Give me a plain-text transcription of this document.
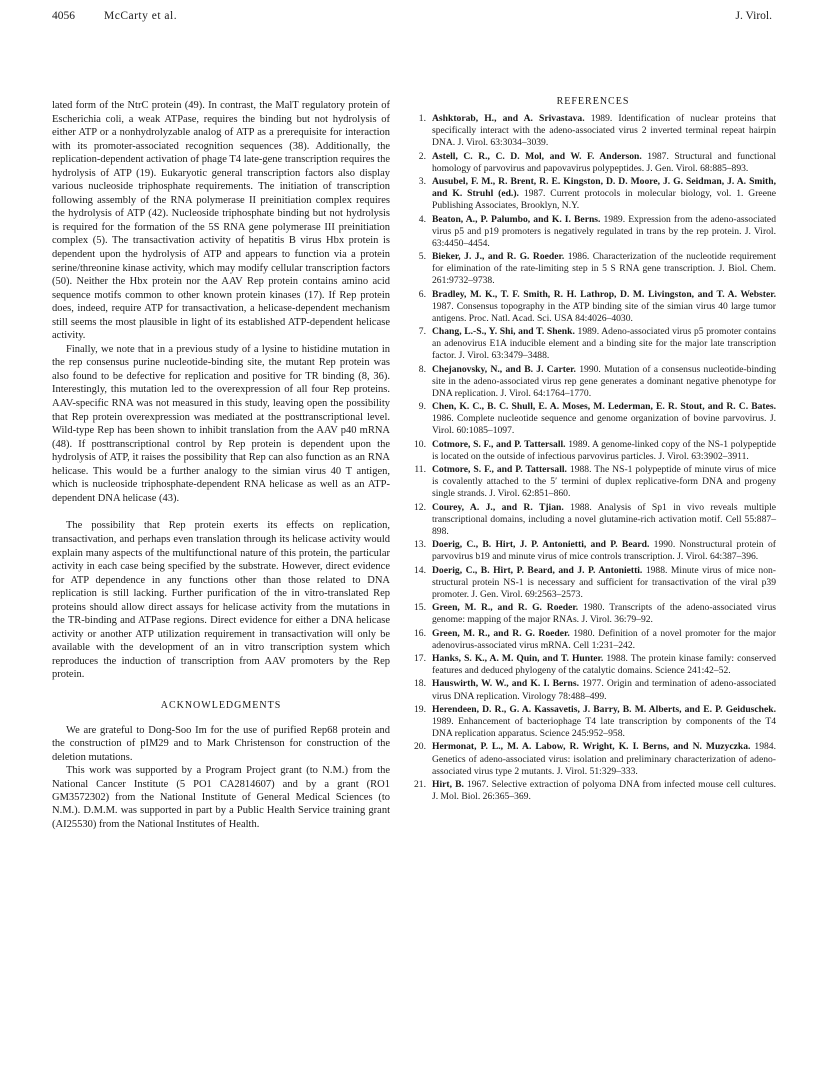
4056	McCarty et al.	J. Virol.

lated form of the NtrC protein (49). In contrast, the MalT regulatory protein of Escherichia coli, a weak ATPase, requires the binding but not hydrolysis of either ATP or a nonhydrolyzable analog of ATP as a prerequisite for interaction with its promoter-associated recognition sequences (38). Additionally, the replication-dependent activation of phage T4 late-gene transcription requires the hydrolysis of ATP (19). Eukaryotic general transcription factors also display various nucleoside triphosphate requirements. The initiation of transcription following assembly of the RNA polymerase II preinitiation complex requires the hydrolysis of ATP (42). Nucleoside triphosphate binding but not hydrolysis is required for the formation of the 5S RNA gene polymerase III preinitiation complex (5). The transactivation activity of hepatitis B virus Hbx protein is dependent upon the hydrolysis of ATP and appears to function via a protein serine/threonine kinase activity, which may modify cellular transcription factors (50). Neither the Hbx protein nor the AAV Rep protein contains amino acid sequence motifs common to other known protein kinases (17). If Rep protein does, indeed, require ATP for transactivation, a helicase-dependent mechanism still seems the most plausible in light of its established ATP-dependent helicase activity.

Finally, we note that in a previous study of a lysine to histidine mutation in the rep consensus purine nucleotide-binding site, the mutant Rep protein was also found to be defective for replication and positive for TR binding (8, 36). Interestingly, this mutation led to the overexpression of all four Rep proteins. AAV-specific RNA was not measured in this study, leaving open the possibility that Rep protein overexpression was mediated at the posttranscriptional level. Wild-type Rep has been shown to inhibit translation from the AAV p40 mRNA (48). If posttranscriptional control by Rep protein is dependent upon the hydrolysis of ATP, it raises the possibility that Rep can also function as an RNA helicase. This would be a further analogy to the simian virus 40 T antigen, which is nucleoside triphosphate-dependent RNA helicase as well as an ATP-dependent DNA helicase (43).

The possibility that Rep protein exerts its effects on replication, transactivation, and perhaps even translation through its helicase activity would explain many aspects of the multifunctional nature of this protein, the particular activity in each case being specified by the substrate. However, direct evidence for ATP dependence in any functions other than those related to DNA replication is still lacking. Further purification of the in vitro-translated Rep proteins should allow direct assays for helicase activity from the mutations in the TR-binding and ATPase regions. Direct evidence for either a DNA helicase activity or another ATP utilization requirement in transactivation will only be available with the development of an in vitro transcription system which reproduces the induction of transcription from AAV promoters by the Rep protein.

ACKNOWLEDGMENTS

We are grateful to Dong-Soo Im for the use of purified Rep68 protein and the construction of pIM29 and to Mark Christenson for construction of the deletion mutations.

This work was supported by a Program Project grant (to N.M.) from the National Cancer Institute (5 PO1 CA2814607) and by a grant (RO1 GM3572302) from the National Institute of General Medical Sciences (to N.M.). D.M.M. was supported in part by a Public Health Service training grant (AI25530) from the National Institutes of Health.

REFERENCES
1. Ashktorab, H., and A. Srivastava. 1989. Identification of nuclear proteins that specifically interact with the adeno-associated virus 2 inverted terminal repeat hairpin DNA. J. Virol. 63:3034–3039.
2. Astell, C. R., C. D. Mol, and W. F. Anderson. 1987. Structural and functional homology of parvovirus and papovavirus polypeptides. J. Gen. Virol. 68:885–893.
3. Ausubel, F. M., R. Brent, R. E. Kingston, D. D. Moore, J. G. Seidman, J. A. Smith, and K. Struhl (ed.). 1987. Current protocols in molecular biology, vol. 1. Greene Publishing Associates, Brooklyn, N.Y.
4. Beaton, A., P. Palumbo, and K. I. Berns. 1989. Expression from the adeno-associated virus p5 and p19 promoters is negatively regulated in trans by the rep protein. J. Virol. 63:4450–4454.
5. Bieker, J. J., and R. G. Roeder. 1986. Characterization of the nucleotide requirement for elimination of the rate-limiting step in 5 S RNA gene transcription. J. Biol. Chem. 261:9732–9738.
6. Bradley, M. K., T. F. Smith, R. H. Lathrop, D. M. Livingston, and T. A. Webster. 1987. Consensus topography in the ATP binding site of the simian virus 40 large tumor antigens. Proc. Natl. Acad. Sci. USA 84:4026–4030.
7. Chang, L.-S., Y. Shi, and T. Shenk. 1989. Adeno-associated virus p5 promoter contains an adenovirus E1A inducible element and a binding site for the major late transcription factor. J. Virol. 63:3479–3488.
8. Chejanovsky, N., and B. J. Carter. 1990. Mutation of a consensus nucleotide-binding site in the adeno-associated virus rep gene generates a dominant negative phenotype for DNA replication. J. Virol. 64:1764–1770.
9. Chen, K. C., B. C. Shull, E. A. Moses, M. Lederman, E. R. Stout, and R. C. Bates. 1986. Complete nucleotide sequence and genome organization of bovine parvovirus. J. Virol. 60:1085–1097.
10. Cotmore, S. F., and P. Tattersall. 1989. A genome-linked copy of the NS-1 polypeptide is located on the outside of infectious parvovirus particles. J. Virol. 63:3902–3911.
11. Cotmore, S. F., and P. Tattersall. 1988. The NS-1 polypeptide of minute virus of mice is covalently attached to the 5′ termini of duplex replicative-form DNA and progeny single strands. J. Virol. 62:851–860.
12. Courey, A. J., and R. Tjian. 1988. Analysis of Sp1 in vivo reveals multiple transcriptional domains, including a novel glutamine-rich activation motif. Cell 55:887–898.
13. Doerig, C., B. Hirt, J. P. Antonietti, and P. Beard. 1990. Nonstructural protein of parvovirus b19 and minute virus of mice controls transcription. J. Virol. 64:387–396.
14. Doerig, C., B. Hirt, P. Beard, and J. P. Antonietti. 1988. Minute virus of mice non-structural protein NS-1 is necessary and sufficient for transactivation of the viral p39 promoter. J. Gen. Virol. 69:2563–2573.
15. Green, M. R., and R. G. Roeder. 1980. Transcripts of the adeno-associated virus genome: mapping of the major RNAs. J. Virol. 36:79–92.
16. Green, M. R., and R. G. Roeder. 1980. Definition of a novel promoter for the major adenovirus-associated virus mRNA. Cell 1:231–242.
17. Hanks, S. K., A. M. Quin, and T. Hunter. 1988. The protein kinase family: conserved features and deduced phylogeny of the catalytic domains. Science 241:42–52.
18. Hauswirth, W. W., and K. I. Berns. 1977. Origin and termination of adeno-associated virus DNA replication. Virology 78:488–499.
19. Herendeen, D. R., G. A. Kassavetis, J. Barry, B. M. Alberts, and E. P. Geiduschek. 1989. Enhancement of bacteriophage T4 late transcription by components of the T4 DNA replication apparatus. Science 245:952–958.
20. Hermonat, P. L., M. A. Labow, R. Wright, K. I. Berns, and N. Muzyczka. 1984. Genetics of adeno-associated virus: isolation and preliminary characterization of adeno-associated virus type 2 mutants. J. Virol. 51:329–333.
21. Hirt, B. 1967. Selective extraction of polyoma DNA from infected mouse cell cultures. J. Mol. Biol. 26:365–369.
